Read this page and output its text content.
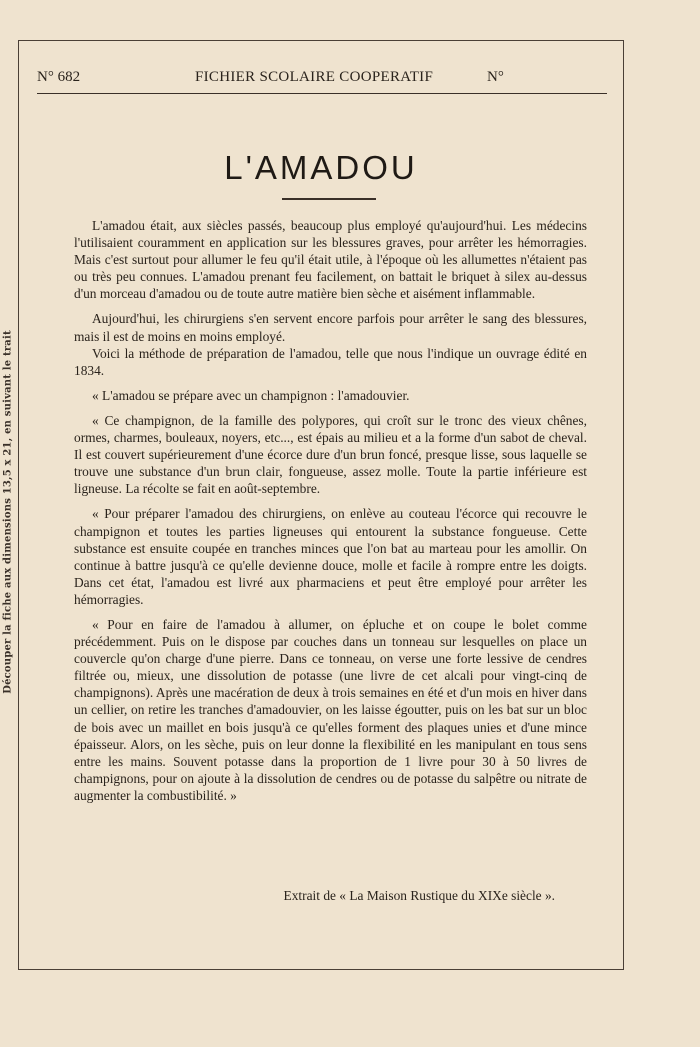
Découper la fiche aux dimensions 13,5 x 21, en suivant le trait
N° 682	FICHIER SCOLAIRE COOPERATIF	N°
L'AMADOU

L'amadou était, aux siècles passés, beaucoup plus employé qu'aujourd'hui. Les médecins l'utilisaient couramment en application sur les blessures graves, pour arrêter les hémorragies. Mais c'est surtout pour allumer le feu qu'il était utile, à l'époque où les allumettes n'étaient pas ou très peu connues. L'amadou prenant feu facilement, on battait le briquet à silex au-dessus d'un morceau d'amadou ou de toute autre matière bien sèche et aisément inflammable.

Aujourd'hui, les chirurgiens s'en servent encore parfois pour arrêter le sang des blessures, mais il est de moins en moins employé.

Voici la méthode de préparation de l'amadou, telle que nous l'indique un ouvrage édité en 1834.

« L'amadou se prépare avec un champignon : l'amadouvier.

« Ce champignon, de la famille des polypores, qui croît sur le tronc des vieux chênes, ormes, charmes, bouleaux, noyers, etc..., est épais au milieu et a la forme d'un sabot de cheval. Il est couvert supérieurement d'une écorce dure d'un brun foncé, presque lisse, sous laquelle se trouve une substance d'un brun clair, fongueuse, assez molle. Toute la partie inférieure est ligneuse. La récolte se fait en août-septembre.

« Pour préparer l'amadou des chirurgiens, on enlève au couteau l'écorce qui recouvre le champignon et toutes les parties ligneuses qui entourent la substance fongueuse. Cette substance est ensuite coupée en tranches minces que l'on bat au marteau pour les amollir. On continue à battre jusqu'à ce qu'elle devienne douce, molle et facile à rompre entre les doigts. Dans cet état, l'amadou est livré aux pharmaciens et peut être employé pour arrêter les hémorragies.

« Pour en faire de l'amadou à allumer, on épluche et on coupe le bolet comme précédemment. Puis on le dispose par couches dans un tonneau sur lesquelles on place un couvercle qu'on charge d'une pierre. Dans ce tonneau, on verse une forte lessive de cendres filtrée ou, mieux, une dissolution de potasse (une livre de cet alcali pour vingt-cinq de champignons). Après une macération de deux à trois semaines en été et d'un mois en hiver dans un cellier, on retire les tranches d'amadouvier, on les laisse égoutter, puis on les bat sur un bloc de bois avec un maillet en bois jusqu'à ce qu'elles forment des plaques unies et d'une mince épaisseur. Alors, on les sèche, puis on leur donne la flexibilité en les manipulant en tous sens entre les mains. Souvent potasse dans la proportion de 1 livre pour 30 à 50 livres de champignons, pour on ajoute à la dissolution de cendres ou de potasse du salpêtre ou nitrate de augmenter la combustibilité. »

Extrait de « La Maison Rustique du XIXe siècle ».
